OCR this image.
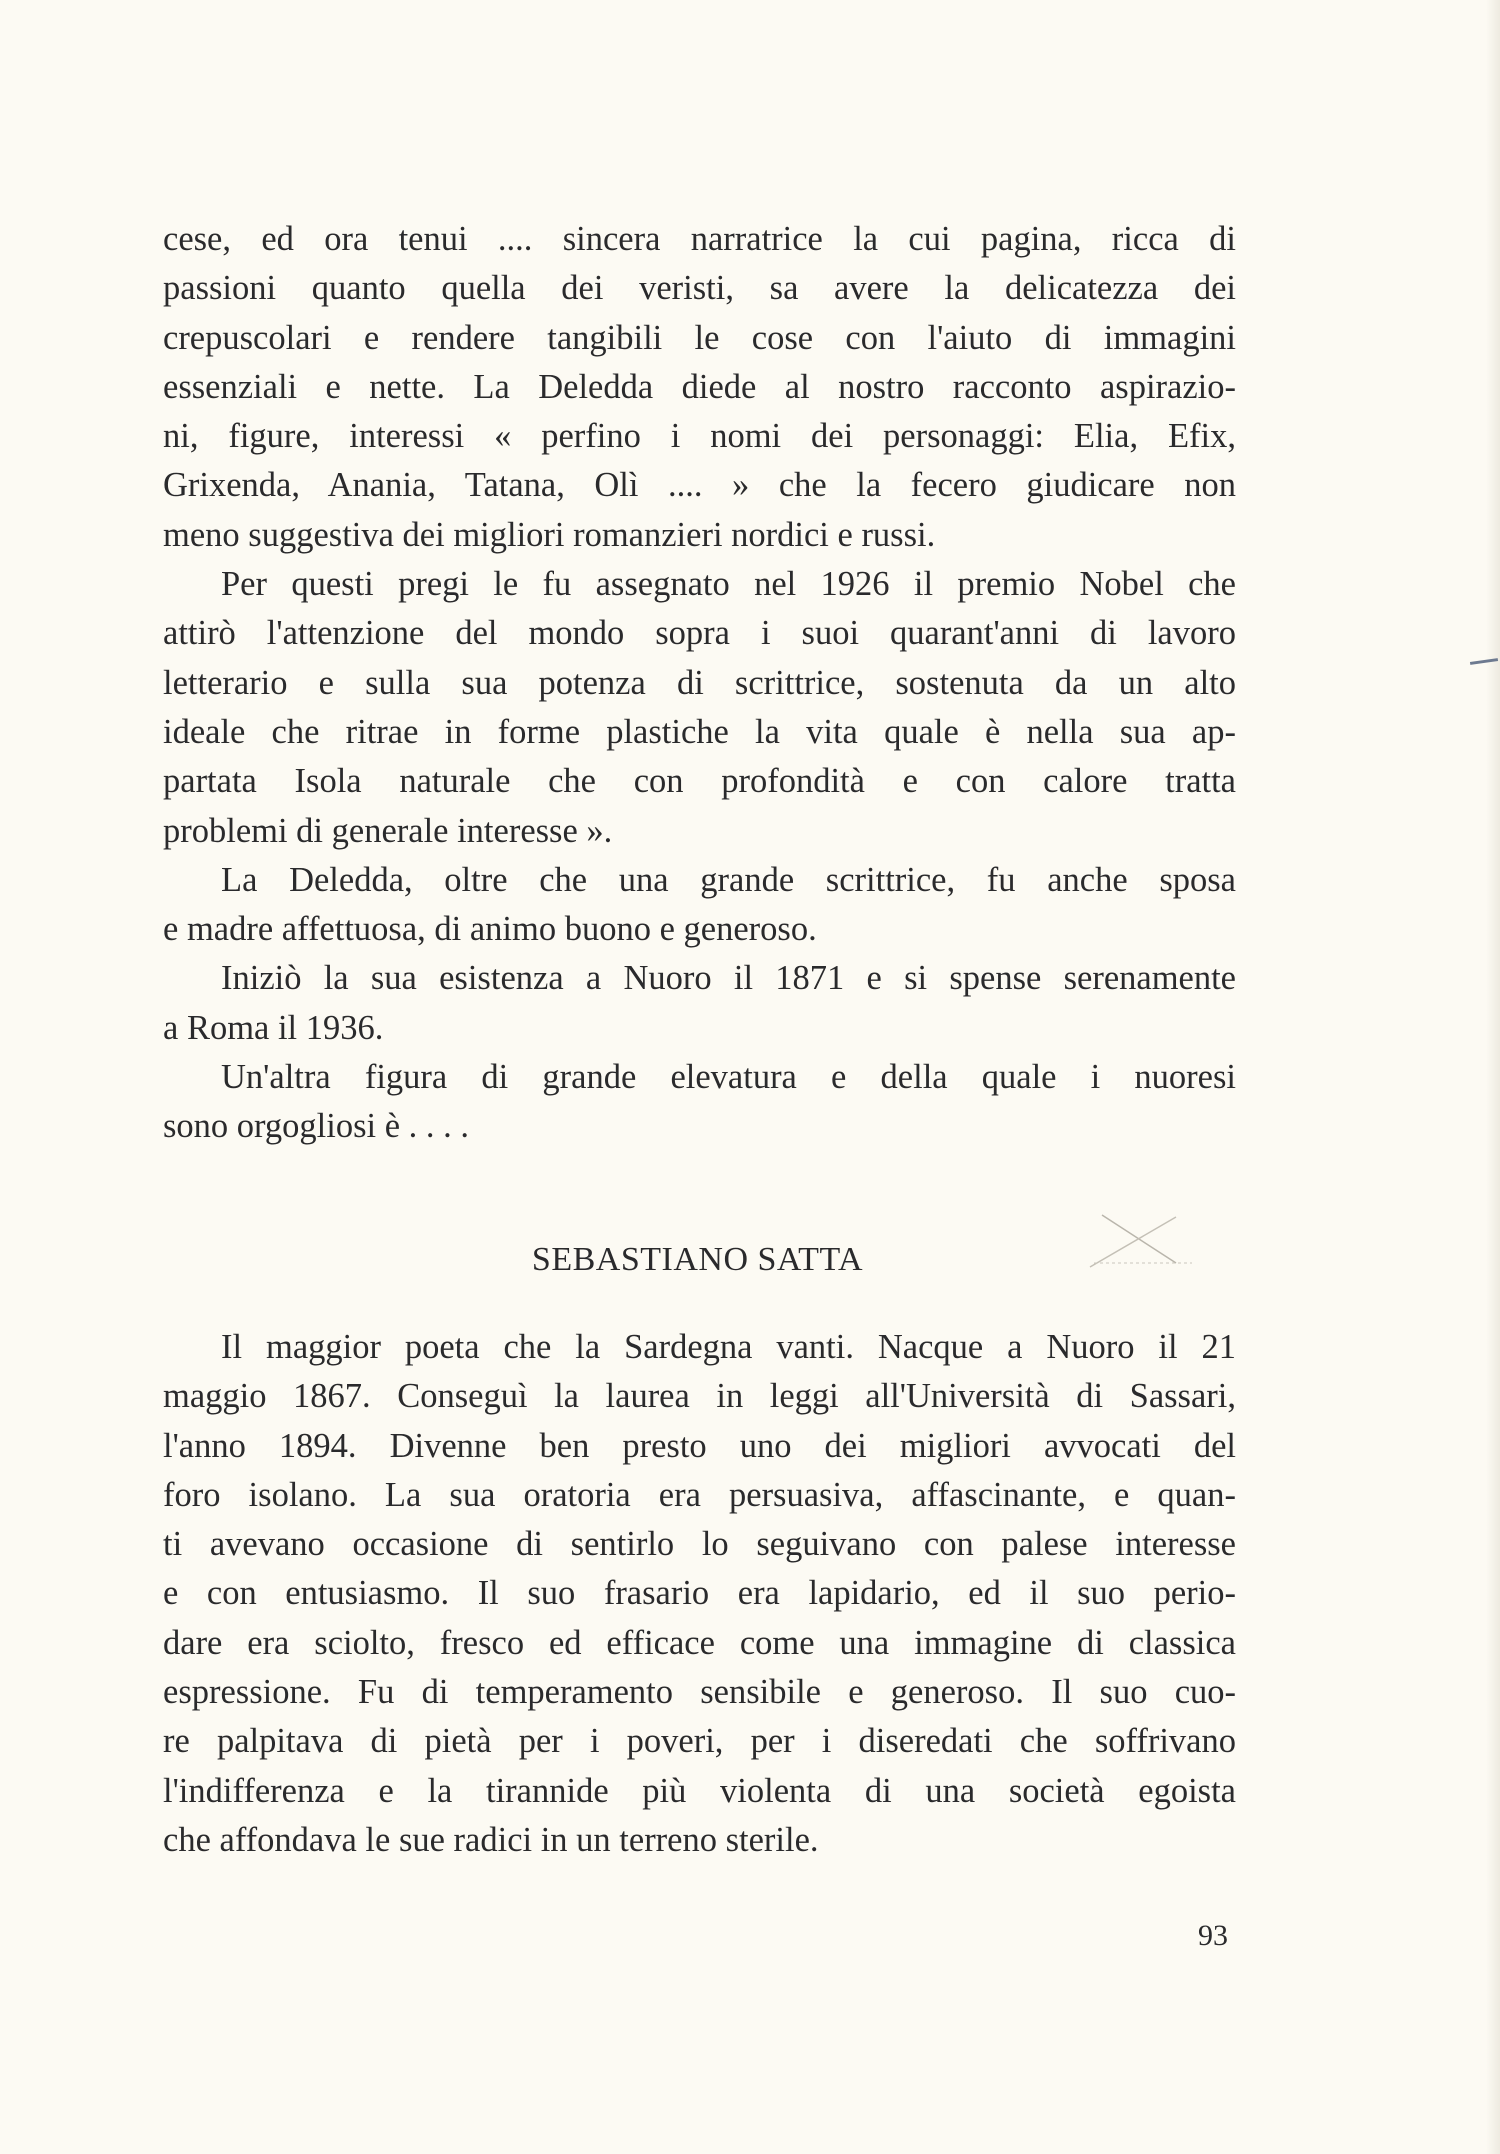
cese, ed ora tenui .... sincera narratrice la cui pagina, ricca di
passioni quanto quella dei veristi, sa avere la delicatezza dei
crepuscolari e rendere tangibili le cose con l'aiuto di immagini
essenziali e nette. La Deledda diede al nostro racconto aspirazio-
ni, figure, interessi « perfino i nomi dei personaggi: Elia, Efix,
Grixenda, Anania, Tatana, Olì .... » che la fecero giudicare non
meno suggestiva dei migliori romanzieri nordici e russi.
Per questi pregi le fu assegnato nel 1926 il premio Nobel che
attirò l'attenzione del mondo sopra i suoi quarant'anni di lavoro
letterario e sulla sua potenza di scrittrice, sostenuta da un alto
ideale che ritrae in forme plastiche la vita quale è nella sua ap-
partata Isola naturale che con profondità e con calore tratta
problemi di generale interesse ».
La Deledda, oltre che una grande scrittrice, fu anche sposa
e madre affettuosa, di animo buono e generoso.
Iniziò la sua esistenza a Nuoro il 1871 e si spense serenamente
a Roma il 1936.
Un'altra figura di grande elevatura e della quale i nuoresi
sono orgogliosi è . . . .
SEBASTIANO SATTA
Il maggior poeta che la Sardegna vanti. Nacque a Nuoro il 21
maggio 1867. Conseguì la laurea in leggi all'Università di Sassari,
l'anno 1894. Divenne ben presto uno dei migliori avvocati del
foro isolano. La sua oratoria era persuasiva, affascinante, e quan-
ti avevano occasione di sentirlo lo seguivano con palese interesse
e con entusiasmo. Il suo frasario era lapidario, ed il suo perio-
dare era sciolto, fresco ed efficace come una immagine di classica
espressione. Fu di temperamento sensibile e generoso. Il suo cuo-
re palpitava di pietà per i poveri, per i diseredati che soffrivano
l'indifferenza e la tirannide più violenta di una società egoista
che affondava le sue radici in un terreno sterile.
93
